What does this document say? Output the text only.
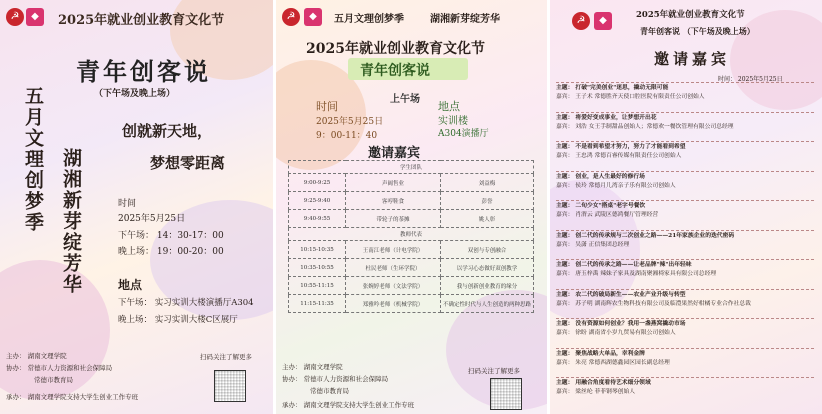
☭	◆	2025年就业创业教育文化节
青年创客说
（下午场及晚上场）
五月文理创梦季 湖湘新芽绽芳华
创就新天地，
梦想零距离
时间
2025年5月25日
下午场： 14：30-17：00
晚上场： 19：00-20：00
地点
下午场： 实习实训大楼演播厅A304
晚上场： 实习实训大楼C区展厅
主办： 湖南文理学院
协办： 常德市人力资源和社会保障局
常德市教育局
承办： 湖南文理学院支持大学生创业工作专班
扫码关注了解更多
☭	◆	五月文理创梦季	湖湘新芽绽芳华
2025年就业创业教育文化节
青年创客说
上午场
时间
2025年5月25日
9：00-11：40
地点
实训楼
A304演播厅
邀请嘉宾
学生团队		
9:00-9:25	声阔售业	刘益梅
9:25-9:40	客哼鞋食	彭誉
9:40-9:55	带轮子的茶摊	姚人彰
教师代表		
10:15-10:35	王南江老师（计电学院）	双创与专创融合
10:35-10:55	杜民老师（生环学院）	以学习心态做好双创教学
10:55-11:15	张婉婷老师（文法学院）	我与创新创业教育的缘分
11:15-11:35	郑雅吟老师（机械学院）	不确定性时代与人生创造的两种思路
主办： 湖南文理学院
协办： 常德市人力资源和社会保障局
常德市教育局
承办： 湖南文理学院支持大学生创业工作专班
扫码关注了解更多
☭	◆	2025年就业创业教育文化节
青年创客说 （下午场及晚上场）
邀请嘉宾
时间： 2025年5月25日
主题： 打破"完美创业"迷思，撬动无限可能
嘉宾： 王子术 常德胜齐天使口腔医院有限责任公司创始人
主题： 将爱好变成事业，让梦想开出花
嘉宾： 刘浩 女王手制甜品创始人；常德欢一餐饮管理有限公司总经理
主题： 不是看到希望才努力，努力了才能看到希望
嘉宾： 王忠鸿 常德百睿传媒有限责任公司创始人
主题： 创业，是人生最好的修行场
嘉宾： 侯玲 常德月儿湾亲子乐有限公司创始人
主题： 二旬少女"搭桌"老字号餐饮
嘉宾： 肖渭云 武陵区德鸿餐厅管理经营
主题： 创二代的传承规与二次创业之路——21年家族企业的迭代密码
嘉宾： 吴潇 正信集团总经理
主题： 创二代的传承之路——让老品牌"辣"出年轻味
嘉宾： 唐玉梓禹 辣妹子家具及湖南聚湘椅家具有限公司总经理
主题： 农二代的破局新生——农业产业升级与转型
嘉宾： 苏子明 湖南辉农生物科技有限公司及临澧果然好柑橘专业合作社总裁
主题： 没有资源如何创业？我用一盏燕窝撬动市场
嘉宾： 徐盼 湖南省小岁九贸易有限公司创始人
主题： 聚焦战略大单品，幸利金牌
嘉宾： 朱亮 常德西湖德鑫园区园长副总经理
主题： 用融合角度看待艺术细分领域
嘉宾： 梁丝纶 菲菲钢琴创始人
